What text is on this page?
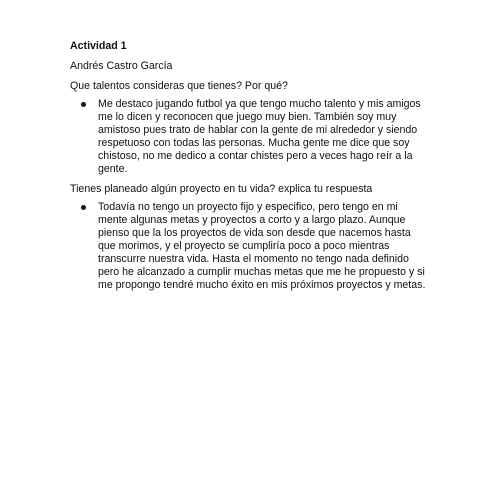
Actividad 1
Andrés Castro García
Que talentos consideras que tienes? Por qué?
Me destaco jugando futbol ya que tengo mucho talento y mis amigos me lo dicen y reconocen que juego muy bien. También soy muy amistoso pues trato de hablar con la gente de mi alrededor y siendo respetuoso con todas las personas. Mucha gente me dice que soy chistoso, no me dedico a contar chistes pero a veces hago reír a la gente.
Tienes planeado algún proyecto en tu vida? explica tu respuesta
Todavía no tengo un proyecto fijo y especifico, pero tengo en mi mente algunas metas y proyectos a corto y a largo plazo. Aunque pienso que la los proyectos de vida son desde que nacemos hasta que morimos, y el proyecto se cumpliría poco a poco mientras transcurre nuestra vida. Hasta el momento no tengo nada definido pero he alcanzado a cumplir muchas metas que me he propuesto y si me propongo tendré mucho éxito en mis próximos proyectos y metas.
